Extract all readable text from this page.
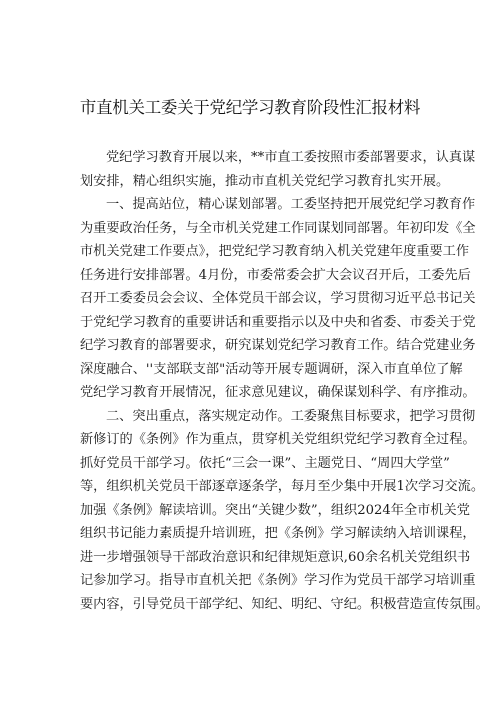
市直机关工委关于党纪学习教育阶段性汇报材料
党纪学习教育开展以来，**市直工委按照市委部署要求，认真谋
划安排，精心组织实施，推动市直机关党纪学习教育扎实开展。
一、提高站位，精心谋划部署。工委坚持把开展党纪学习教育作
为重要政治任务，与全市机关党建工作同谋划同部署。年初印发《全
市机关党建工作要点》，把党纪学习教育纳入机关党建年度重要工作
任务进行安排部署。4月份，市委常委会扩大会议召开后，工委先后
召开工委委员会会议、全体党员干部会议，学习贯彻习近平总书记关
于党纪学习教育的重要讲话和重要指示以及中央和省委、市委关于党
纪学习教育的部署要求，研究谋划党纪学习教育工作。结合党建业务
深度融合、''支部联支部"活动等开展专题调研，深入市直单位了解
党纪学习教育开展情况，征求意见建议，确保谋划科学、有序推动。
二、突出重点，落实规定动作。工委聚焦目标要求，把学习贯彻
新修订的《条例》作为重点，贯穿机关党组织党纪学习教育全过程。
抓好党员干部学习。依托“三会一课”、主题党日、“周四大学堂”
等，组织机关党员干部逐章逐条学，每月至少集中开展1次学习交流。
加强《条例》解读培训。突出“关键少数”，组织2024年全市机关党
组织书记能力素质提升培训班，把《条例》学习解读纳入培训课程，
进一步增强领导干部政治意识和纪律规矩意识,60余名机关党组织书
记参加学习。指导市直机关把《条例》学习作为党员干部学习培训重
要内容，引导党员干部学纪、知纪、明纪、守纪。积极营造宣传氛围。
